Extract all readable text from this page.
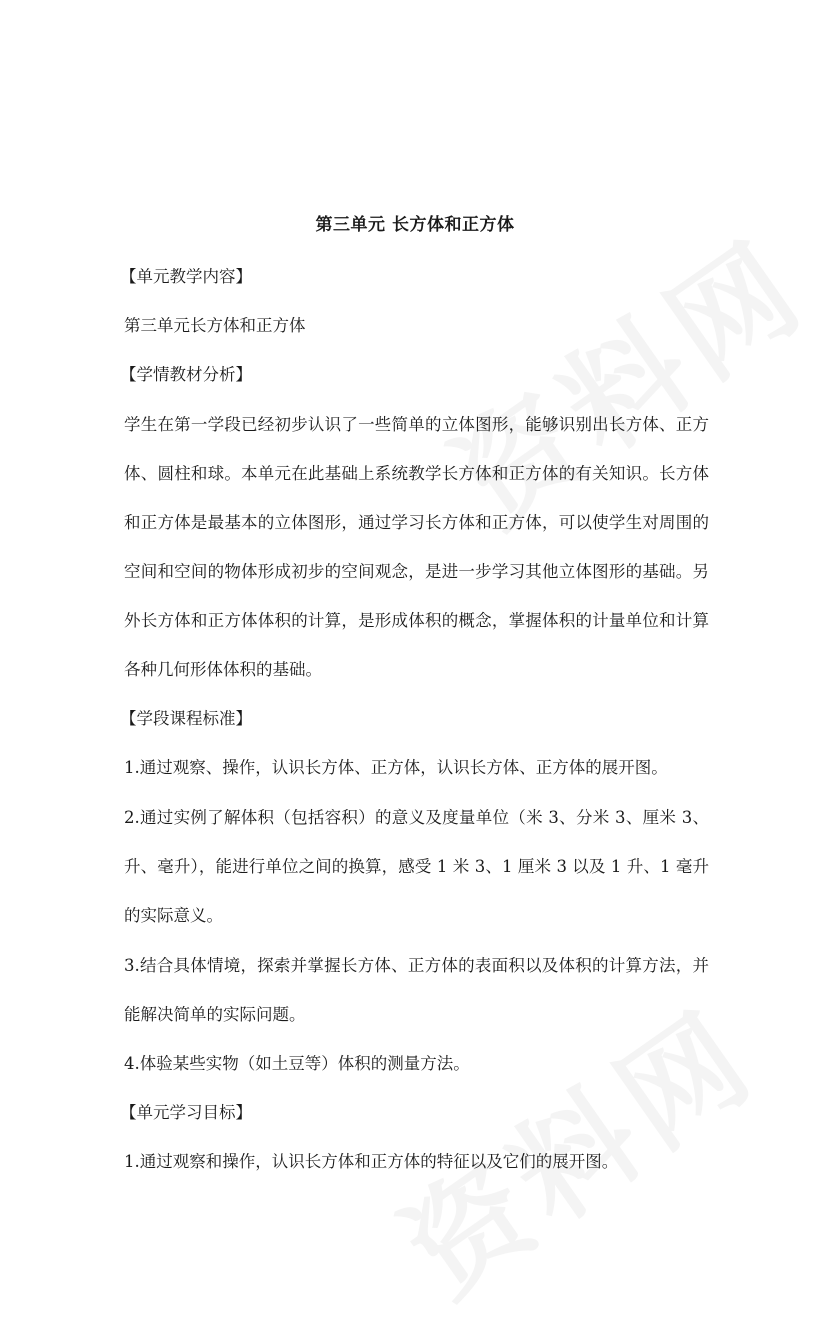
第三单元 长方体和正方体
【单元教学内容】
第三单元长方体和正方体
【学情教材分析】

学生在第一学段已经初步认识了一些简单的立体图形，能够识别出长方体、正方体、圆柱和球。本单元在此基础上系统教学长方体和正方体的有关知识。长方体和正方体是最基本的立体图形，通过学习长方体和正方体，可以使学生对周围的空间和空间的物体形成初步的空间观念，是进一步学习其他立体图形的基础。另外长方体和正方体体积的计算，是形成体积的概念，掌握体积的计量单位和计算各种几何形体体积的基础。

【学段课程标准】
1.通过观察、操作，认识长方体、正方体，认识长方体、正方体的展开图。

2.通过实例了解体积（包括容积）的意义及度量单位（米 3、分米 3、厘米 3、升、毫升），能进行单位之间的换算，感受 1 米 3、1 厘米 3 以及 1 升、1 毫升的实际意义。

3.结合具体情境，探索并掌握长方体、正方体的表面积以及体积的计算方法，并能解决简单的实际问题。

4.体验某些实物（如土豆等）体积的测量方法。
【单元学习目标】
1.通过观察和操作，认识长方体和正方体的特征以及它们的展开图。
